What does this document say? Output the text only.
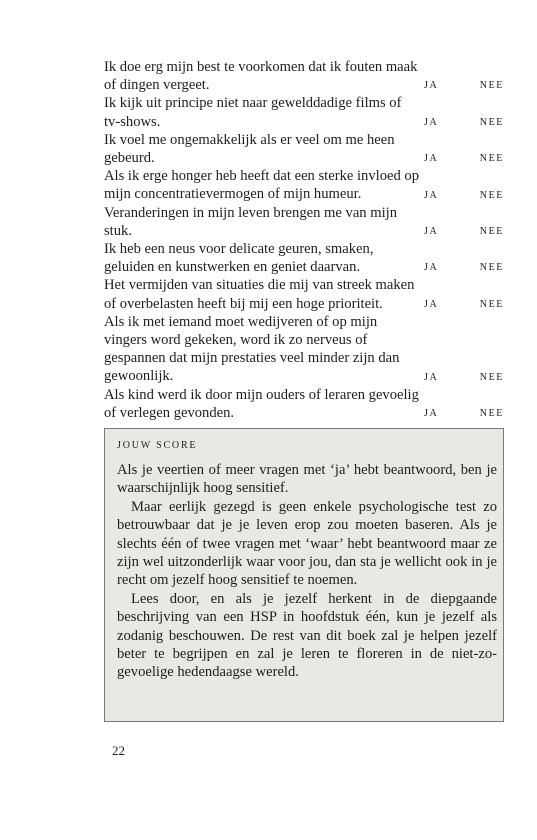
Ik doe erg mijn best te voorkomen dat ik fouten maak of dingen vergeet.	JA	NEE
Ik kijk uit principe niet naar gewelddadige films of tv-shows.	JA	NEE
Ik voel me ongemakkelijk als er veel om me heen gebeurd.	JA	NEE
Als ik erge honger heb heeft dat een sterke invloed op mijn concentratievermogen of mijn humeur.	JA	NEE
Veranderingen in mijn leven brengen me van mijn stuk.	JA	NEE
Ik heb een neus voor delicate geuren, smaken, geluiden en kunstwerken en geniet daarvan.	JA	NEE
Het vermijden van situaties die mij van streek maken of overbelasten heeft bij mij een hoge prioriteit.	JA	NEE
Als ik met iemand moet wedijveren of op mijn vingers word gekeken, word ik zo nerveus of gespannen dat mijn prestaties veel minder zijn dan gewoonlijk.	JA	NEE
Als kind werd ik door mijn ouders of leraren gevoelig of verlegen gevonden.	JA	NEE
JOUW SCORE

Als je veertien of meer vragen met ‘ja’ hebt beantwoord, ben je waarschijnlijk hoog sensitief.

Maar eerlijk gezegd is geen enkele psychologische test zo betrouwbaar dat je je leven erop zou moeten baseren. Als je slechts één of twee vragen met ‘waar’ hebt beantwoord maar ze zijn wel uitzonderlijk waar voor jou, dan sta je wellicht ook in je recht om jezelf hoog sensitief te noemen.

Lees door, en als je jezelf herkent in de diepgaande beschrijving van een HSP in hoofdstuk één, kun je jezelf als zodanig beschouwen. De rest van dit boek zal je helpen jezelf beter te begrijpen en zal je leren te floreren in de niet-zo-gevoelige hedendaagse wereld.

22
